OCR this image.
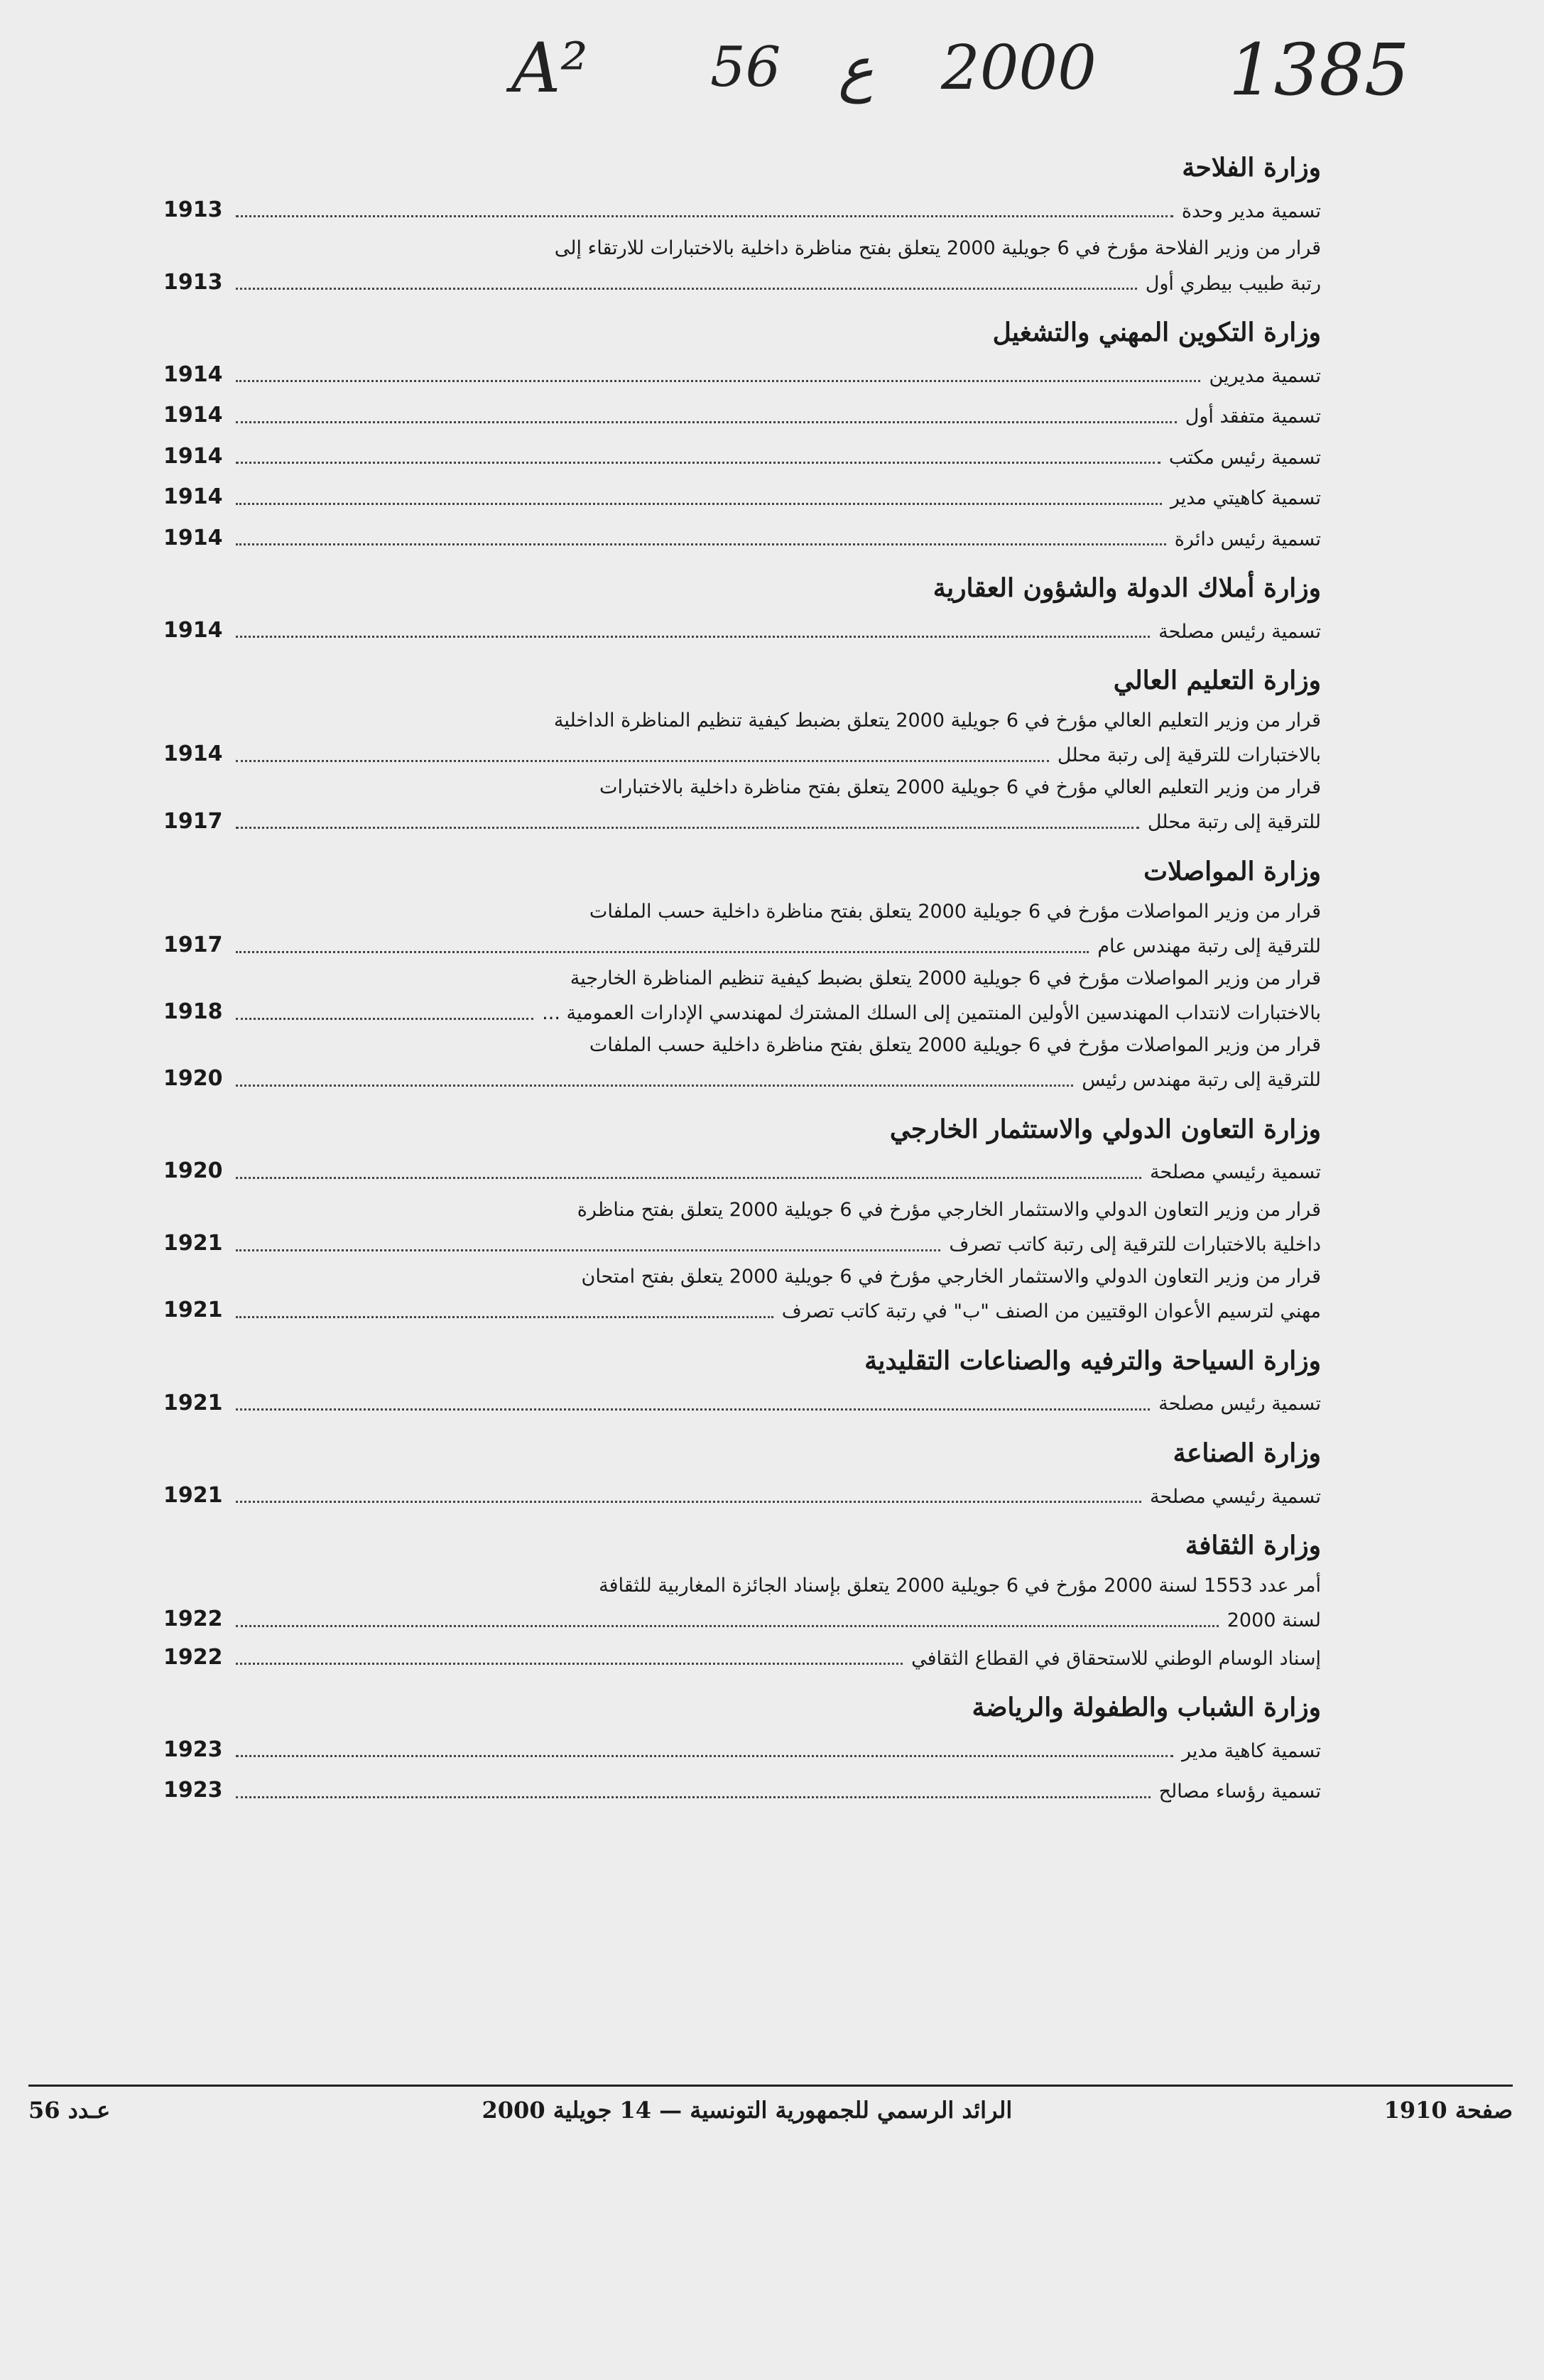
A² 56 ع 2000 1385
وزارة الفلاحة
تسمية مدير وحدة
1913
قرار من وزير الفلاحة مؤرخ في 6 جويلية 2000 يتعلق بفتح مناظرة داخلية بالاختبارات للارتقاء إلى
رتبة طبيب بيطري أول
1913
وزارة التكوين المهني والتشغيل
تسمية مديرين
1914
تسمية متفقد أول
1914
تسمية رئيس مكتب
1914
تسمية كاهيتي مدير
1914
تسمية رئيس دائرة
1914
وزارة أملاك الدولة والشؤون العقارية
تسمية رئيس مصلحة
1914
وزارة التعليم العالي
قرار من وزير التعليم العالي مؤرخ في 6 جويلية 2000 يتعلق بضبط كيفية تنظيم المناظرة الداخلية
بالاختبارات للترقية إلى رتبة محلل
1914
قرار من وزير التعليم العالي مؤرخ في 6 جويلية 2000 يتعلق بفتح مناظرة داخلية بالاختبارات
للترقية إلى رتبة محلل
1917
وزارة المواصلات
قرار من وزير المواصلات مؤرخ في 6 جويلية 2000 يتعلق بفتح مناظرة داخلية حسب الملفات
للترقية إلى رتبة مهندس عام
1917
قرار من وزير المواصلات مؤرخ في 6 جويلية 2000 يتعلق بضبط كيفية تنظيم المناظرة الخارجية
بالاختبارات لانتداب المهندسين الأولين المنتمين إلى السلك المشترك لمهندسي الإدارات العمومية ...
1918
قرار من وزير المواصلات مؤرخ في 6 جويلية 2000 يتعلق بفتح مناظرة داخلية حسب الملفات
للترقية إلى رتبة مهندس رئيس
1920
وزارة التعاون الدولي والاستثمار الخارجي
تسمية رئيسي مصلحة
1920
قرار من وزير التعاون الدولي والاستثمار الخارجي مؤرخ في 6 جويلية 2000 يتعلق بفتح مناظرة
داخلية بالاختبارات للترقية إلى رتبة كاتب تصرف
1921
قرار من وزير التعاون الدولي والاستثمار الخارجي مؤرخ في 6 جويلية 2000 يتعلق بفتح امتحان
مهني لترسيم الأعوان الوقتيين من الصنف "ب" في رتبة كاتب تصرف
1921
وزارة السياحة والترفيه والصناعات التقليدية
تسمية رئيس مصلحة
1921
وزارة الصناعة
تسمية رئيسي مصلحة
1921
وزارة الثقافة
أمر عدد 1553 لسنة 2000 مؤرخ في 6 جويلية 2000 يتعلق بإسناد الجائزة المغاربية للثقافة
لسنة 2000
1922
إسناد الوسام الوطني للاستحقاق في القطاع الثقافي
1922
وزارة الشباب والطفولة والرياضة
تسمية كاهية مدير
1923
تسمية رؤساء مصالح
1923
صفحة 1910
الرائد الرسمي للجمهورية التونسية — 14 جويلية 2000
عـدد 56
